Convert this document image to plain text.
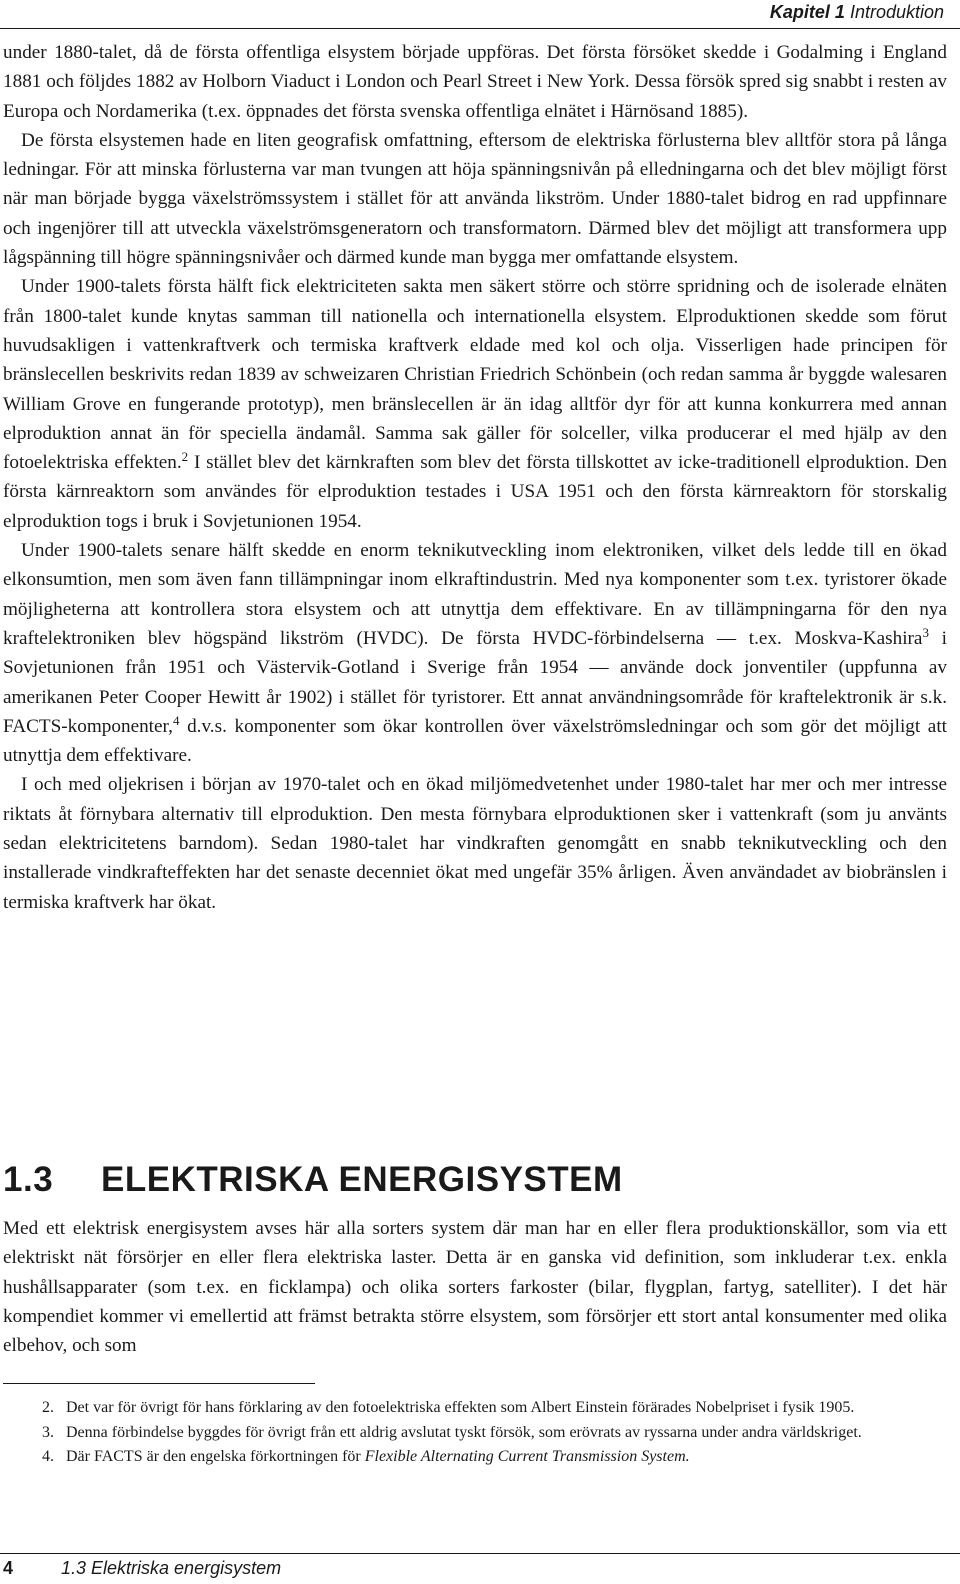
Kapitel 1 Introduktion

under 1880-talet, då de första offentliga elsystem började uppföras. Det första försöket skedde i Godalming i England 1881 och följdes 1882 av Holborn Viaduct i London och Pearl Street i New York. Dessa försök spred sig snabbt i resten av Europa och Nordamerika (t.ex. öppnades det första svenska offentliga elnätet i Härnösand 1885).

De första elsystemen hade en liten geografisk omfattning, eftersom de elektriska förlusterna blev alltför stora på långa ledningar. För att minska förlusterna var man tvungen att höja spänningsnivån på elledningarna och det blev möjligt först när man började bygga växelströmssystem i stället för att använda likström. Under 1880-talet bidrog en rad uppfinnare och ingenjörer till att utveckla växelströmsgeneratorn och transformatorn. Därmed blev det möjligt att transformera upp lågspänning till högre spänningsnivåer och därmed kunde man bygga mer omfattande elsystem.

Under 1900-talets första hälft fick elektriciteten sakta men säkert större och större spridning och de isolerade elnäten från 1800-talet kunde knytas samman till nationella och internationella elsystem. Elproduktionen skedde som förut huvudsakligen i vattenkraftverk och termiska kraftverk eldade med kol och olja. Visserligen hade principen för bränslecellen beskrivits redan 1839 av schweizaren Christian Friedrich Schönbein (och redan samma år byggde walesaren William Grove en fungerande prototyp), men bränslecellen är än idag alltför dyr för att kunna konkurrera med annan elproduktion annat än för speciella ändamål. Samma sak gäller för solceller, vilka producerar el med hjälp av den fotoelektriska effekten.$^2$ I stället blev det kärnkraften som blev det första tillskottet av icke-traditionell elproduktion. Den första kärnreaktorn som användes för elproduktion testades i USA 1951 och den första kärnreaktorn för storskalig elproduktion togs i bruk i Sovjetunionen 1954.

Under 1900-talets senare hälft skedde en enorm teknikutveckling inom elektroniken, vilket dels ledde till en ökad elkonsumtion, men som även fann tillämpningar inom elkraftindustrin. Med nya komponenter som t.ex. tyristorer ökade möjligheterna att kontrollera stora elsystem och att utnyttja dem effektivare. En av tillämpningarna för den nya kraftelektroniken blev högspänd likström (HVDC). De första HVDC-förbindelserna — t.ex. Moskva-Kashira$^3$ i Sovjetunionen från 1951 och Västervik-Gotland i Sverige från 1954 — använde dock jonventiler (uppfunna av amerikanen Peter Cooper Hewitt år 1902) i stället för tyristorer. Ett annat användningsområde för kraftelektronik är s.k. FACTS-komponenter,$^4$ d.v.s. komponenter som ökar kontrollen över växelströmsledningar och som gör det möjligt att utnyttja dem effektivare.

I och med oljekrisen i början av 1970-talet och en ökad miljömedvetenhet under 1980-talet har mer och mer intresse riktats åt förnybara alternativ till elproduktion. Den mesta förnybara elproduktionen sker i vattenkraft (som ju använts sedan elektricitetens barndom). Sedan 1980-talet har vindkraften genomgått en snabb teknikutveckling och den installerade vindkrafteffekten har det senaste decenniet ökat med ungefär 35% årligen. Även användadet av biobränslen i termiska kraftverk har ökat.

1.3 ELEKTRISKA ENERGISYSTEM

Med ett elektrisk energisystem avses här alla sorters system där man har en eller flera produktionskällor, som via ett elektriskt nät försörjer en eller flera elektriska laster. Detta är en ganska vid definition, som inkluderar t.ex. enkla hushållsapparater (som t.ex. en ficklampa) och olika sorters farkoster (bilar, flygplan, fartyg, satelliter). I det här kompendiet kommer vi emellertid att främst betrakta större elsystem, som försörjer ett stort antal konsumenter med olika elbehov, och som

2. Det var för övrigt för hans förklaring av den fotoelektriska effekten som Albert Einstein förärades Nobelpriset i fysik 1905.
3. Denna förbindelse byggdes för övrigt från ett aldrig avslutat tyskt försök, som erövrats av ryssarna under andra världskriget.
4. Där FACTS är den engelska förkortningen för Flexible Alternating Current Transmission System.
4	1.3 Elektriska energisystem
